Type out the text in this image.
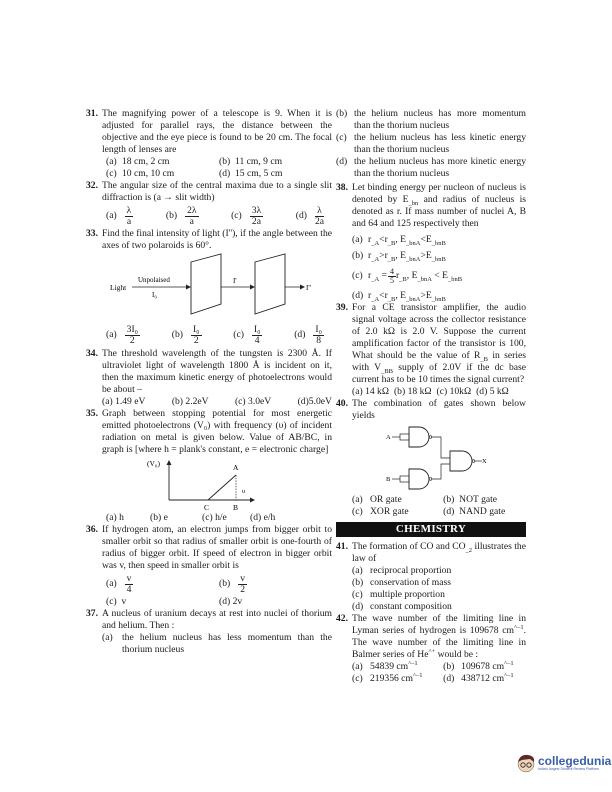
31. The magnifying power of a telescope is 9. When it is adjusted for parallel rays, the distance between the objective and the eye piece is found to be 20 cm. The focal length of lenses are
(a) 18 cm, 2 cm	(b) 11 cm, 9 cm
(c) 10 cm, 10 cm	(d) 15 cm, 5 cm
32. The angular size of the central maxima due to a single slit diffraction is (a → slit width)
$(a) \frac{\lambda}{a}$	$(b) \frac{2\lambda}{a}$	$(c) \frac{3\lambda}{2a}$	$(d) \frac{\lambda}{2a}$
33. Find the final intensity of light (I''), if the angle between the axes of two polaroids is 60°.
Light
Unpolaised
I₀
I'
I''
$(a) \frac{\text{3I₀}}{2}$	$(b) \frac{\text{I₀}}{2}$	$(c) \frac{\text{I₀}}{4}$	$(d) \frac{\text{I₀}}{8}$
34. The threshold wavelength of the tungsten is 2300 Å. If ultraviolet light of wavelength 1800 Å is incident on it, then the maximum kinetic energy of photoelectrons would be about –
(a) 1.49 eV	(b) 2.2eV	(c) 3.0eV	(d)5.0eV
35. Graph between stopping potential for most energetic emitted photoelectrons (V₀) with frequency (υ) of incident radiation on metal is given below. Value of AB/BC, in graph is [where h = plank's constant, e = electronic charge]
(V₀)
υ
A
B
C
(a) h	(b) e	(c) h/e	(d) e/h
36. If hydrogen atom, an electron jumps from bigger orbit to smaller orbit so that radius of smaller orbit is one-fourth of radius of bigger orbit. If speed of electron in bigger orbit was v, then speed in smaller orbit is
$(a) \frac{v}{4}$	$(b) \frac{v}{2}$
(c) v	(d) 2v
37. A nucleus of uranium decays at rest into nuclei of thorium and helium. Then :
(a) the helium nucleus has less momentum than the thorium nucleus
(b) the helium nucleus has more momentum than the thorium nucleus
(c) the helium nucleus has less kinetic energy than the thorium nucleus
(d) the helium nucleus has more kinetic energy than the thorium nucleus
38. Let binding energy per nucleon of nucleus is denoted by $E_{\_bn}$ and radius of nucleus is denoted as r. If mass number of nuclei A, B and 64 and 125 respectively then
(a) $r_{\_A}<r_{\_B}$, $E_{\_bnA}<E_{\_bnB}$
(b) $r_{\_A}>r_{\_B}$, $E_{\_bnA}>E_{\_bnB}$
(c) $r_{\_A} = \frac{4}{5} r_{\_B}$, $E_{\_bnA} < E_{\_bnB}$
(d) $r_{\_A}<r_{\_B}$, $E_{\_bnA}>E_{\_bnB}$
39. For a CE transistor amplifier, the audio signal voltage across the collector resistance of 2.0 kΩ is 2.0 V. Suppose the current amplification factor of the transistor is 100, What should be the value of $R_{\_B}$ in series with $V_{\_BB}$ supply of 2.0V if the dc base current has to be 10 times the signal current?
(a) 14 kΩ (b) 18 kΩ (c) 10kΩ (d) 5 kΩ
40. The combination of gates shown below yields
A
B
X
(a) OR gate	(b) NOT gate
(c) XOR gate	(d) NAND gate
CHEMISTRY
41. The formation of CO and $CO_{\_2}$ illustrates the law of
(a) reciprocal proportion
(b) conservation of mass
(c) multiple proportion
(d) constant composition
42. The wave number of the limiting line in Lyman series of hydrogen is 109678 $cm^{\^{}-1}$. The wave number of the limiting line in Balmer series of He^+ would be :
(a) 54839 $cm^{\^{}-1}$	(b) 109678 $cm^{\^{}-1}$
(c) 219356 $cm^{\^{}-1}$	(d) 438712 $cm^{\^{}-1}$
collegedunia
India's largest Student Review Platform
